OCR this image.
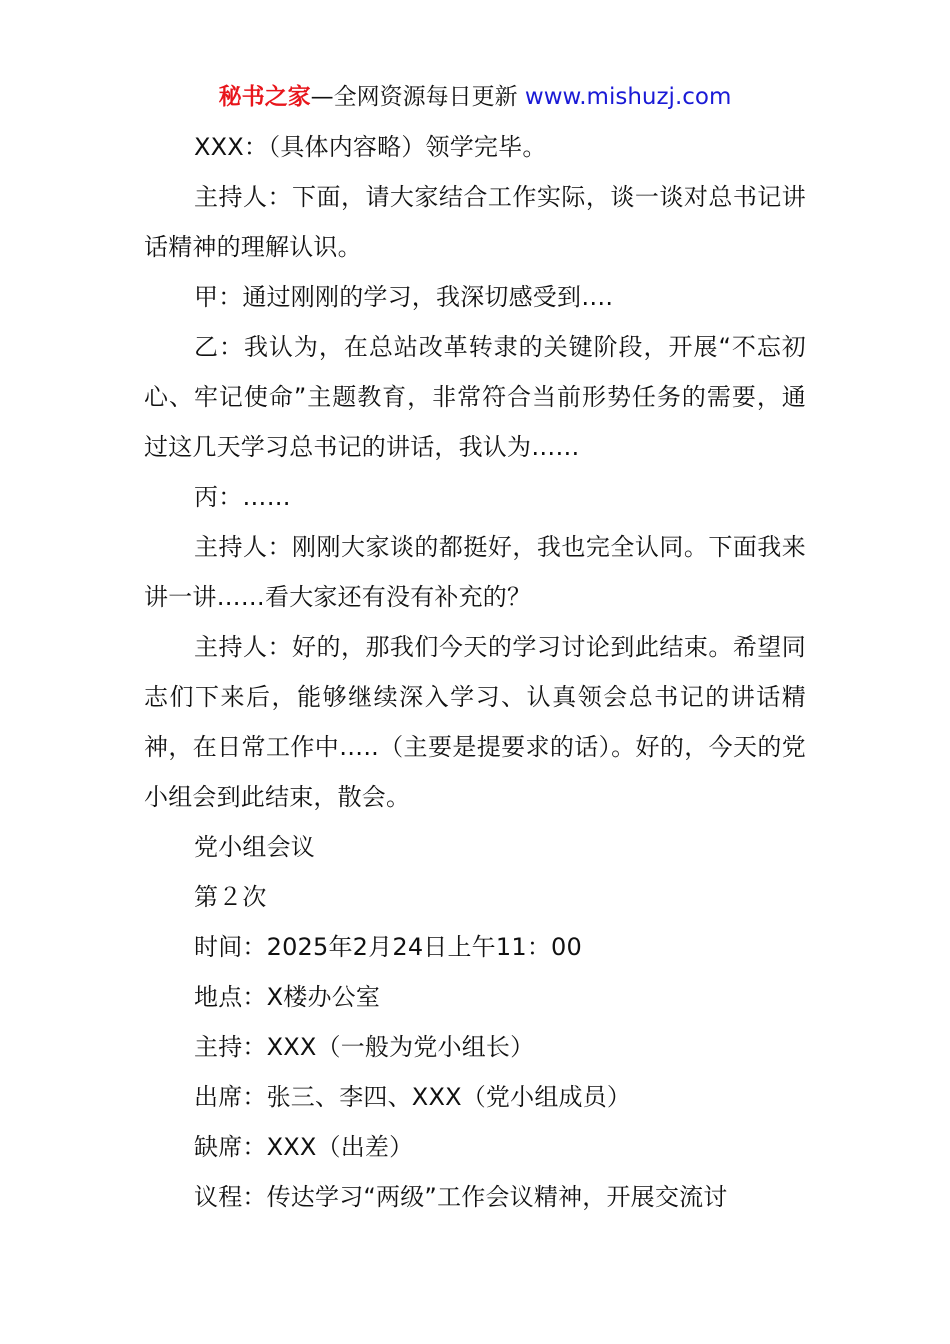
秘书之家—全网资源每日更新 www.mishuzj.com

XXX：（具体内容略）领学完毕。

主持人：下面，请大家结合工作实际，谈一谈对总书记讲话精神的理解认识。

甲：通过刚刚的学习，我深切感受到….

乙：我认为，在总站改革转隶的关键阶段，开展“不忘初心、牢记使命”主题教育，非常符合当前形势任务的需要，通过这几天学习总书记的讲话，我认为……

丙：……

主持人：刚刚大家谈的都挺好，我也完全认同。下面我来讲一讲……看大家还有没有补充的？

主持人：好的，那我们今天的学习讨论到此结束。希望同志们下来后，能够继续深入学习、认真领会总书记的讲话精神，在日常工作中…..（主要是提要求的话）。好的，今天的党小组会到此结束，散会。

党小组会议

第２次

时间：2025年2月24日上午11：00

地点：X楼办公室

主持：XXX（一般为党小组长）

出席：张三、李四、XXX（党小组成员）

缺席：XXX（出差）

议程：传达学习“两级”工作会议精神，开展交流讨
